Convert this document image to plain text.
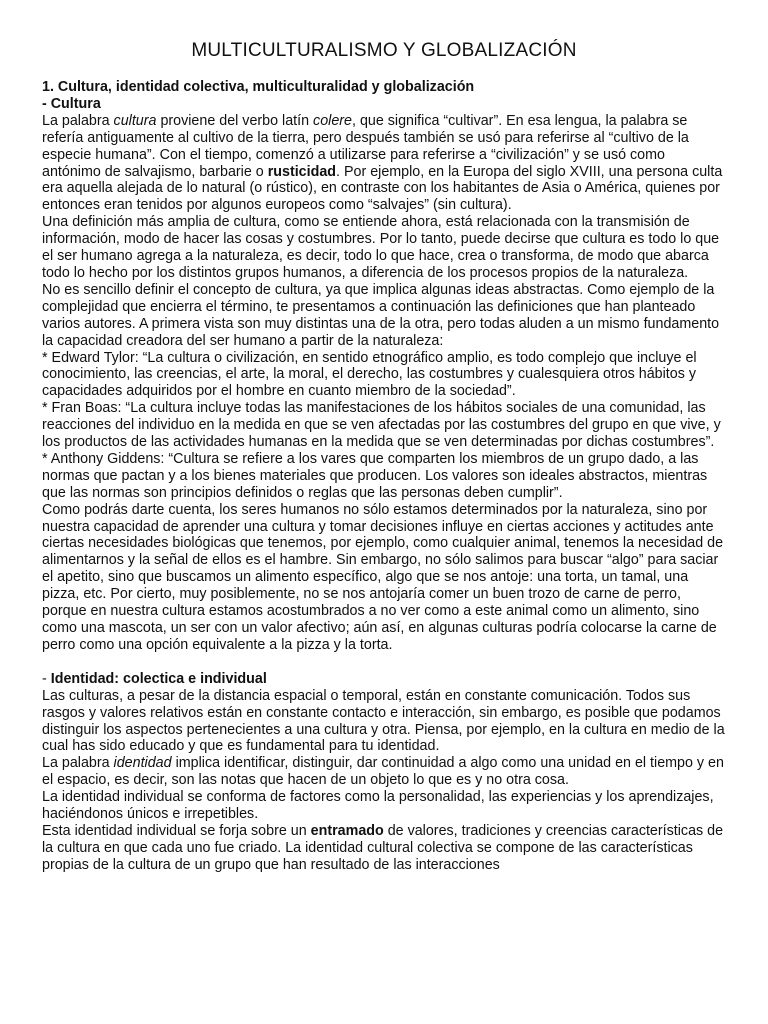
MULTICULTURALISMO Y GLOBALIZACIÓN

1. Cultura, identidad colectiva, multiculturalidad y globalización

- Cultura

La palabra cultura proviene del verbo latín colere, que significa “cultivar”. En esa lengua, la palabra se refería antiguamente al cultivo de la tierra, pero después también se usó para referirse al “cultivo de la especie humana”. Con el tiempo, comenzó a utilizarse para referirse a “civilización” y se usó como antónimo de salvajismo, barbarie o rusticidad. Por ejemplo, en la Europa del siglo XVIII, una persona culta era aquella alejada de lo natural (o rústico), en contraste con los habitantes de Asia o América, quienes por entonces eran tenidos por algunos europeos como “salvajes” (sin cultura).

Una definición más amplia de cultura, como se entiende ahora, está relacionada con la transmisión de información, modo de hacer las cosas y costumbres. Por lo tanto, puede decirse que cultura es todo lo que el ser humano agrega a la naturaleza, es decir, todo lo que hace, crea o transforma, de modo que abarca todo lo hecho por los distintos grupos humanos, a diferencia de los procesos propios de la naturaleza.

No es sencillo definir el concepto de cultura, ya que implica algunas ideas abstractas. Como ejemplo de la complejidad que encierra el término, te presentamos a continuación las definiciones que han planteado varios autores. A primera vista son muy distintas una de la otra, pero todas aluden a un mismo fundamento la capacidad creadora del ser humano a partir de la naturaleza:

* Edward Tylor: “La cultura o civilización, en sentido etnográfico amplio, es todo complejo que incluye el conocimiento, las creencias, el arte, la moral, el derecho, las costumbres y cualesquiera otros hábitos y capacidades adquiridos por el hombre en cuanto miembro de la sociedad”.

* Fran Boas: “La cultura incluye todas las manifestaciones de los hábitos sociales de una comunidad, las reacciones del individuo en la medida en que se ven afectadas por las costumbres del grupo en que vive, y los productos de las actividades humanas en la medida que se ven determinadas por dichas costumbres”.

* Anthony Giddens: “Cultura se refiere a los vares que comparten los miembros de un grupo dado, a las normas que pactan y a los bienes materiales que producen. Los valores son ideales abstractos, mientras que las normas son principios definidos o reglas que las personas deben cumplir”.

Como podrás darte cuenta, los seres humanos no sólo estamos determinados por la naturaleza, sino por nuestra capacidad de aprender una cultura y tomar decisiones influye en ciertas acciones y actitudes ante ciertas necesidades biológicas que tenemos, por ejemplo, como cualquier animal, tenemos la necesidad de alimentarnos y la señal de ellos es el hambre. Sin embargo, no sólo salimos para buscar “algo” para saciar el apetito, sino que buscamos un alimento específico, algo que se nos antoje: una torta, un tamal, una pizza, etc. Por cierto, muy posiblemente, no se nos antojaría comer un buen trozo de carne de perro, porque en nuestra cultura estamos acostumbrados a no ver como a este animal como un alimento, sino como una mascota, un ser con un valor afectivo; aún así, en algunas culturas podría colocarse la carne de perro como una opción equivalente a la pizza y la torta.

- Identidad: colectica e individual

Las culturas, a pesar de la distancia espacial o temporal, están en constante comunicación. Todos sus rasgos y valores relativos están en constante contacto e interacción, sin embargo, es posible que podamos distinguir los aspectos pertenecientes a una cultura y otra. Piensa, por ejemplo, en la cultura en medio de la cual has sido educado y que es fundamental para tu identidad.

La palabra identidad implica identificar, distinguir, dar continuidad a algo como una unidad en el tiempo y en el espacio, es decir, son las notas que hacen de un objeto lo que es y no otra cosa.

La identidad individual se conforma de factores como la personalidad, las experiencias y los aprendizajes, haciéndonos únicos e irrepetibles.

Esta identidad individual se forja sobre un entramado de valores, tradiciones y creencias características de la cultura en que cada uno fue criado. La identidad cultural colectiva se compone de las características propias de la cultura de un grupo que han resultado de las interacciones
